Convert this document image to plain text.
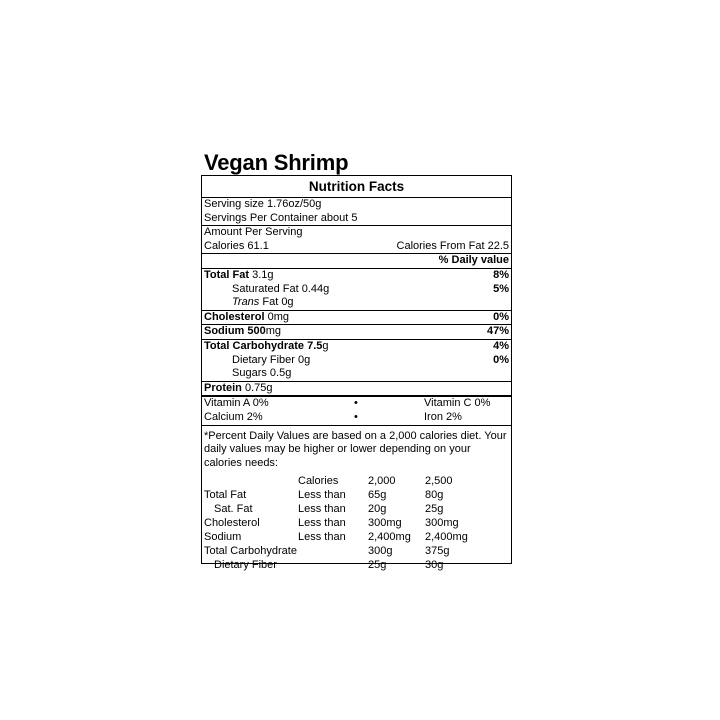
Vegan Shrimp
Nutrition Facts
Serving size 1.76oz/50g
Servings Per Container about 5
Amount Per Serving
Calories 61.1	Calories From Fat 22.5
% Daily value
Total Fat 3.1g	8%
Saturated Fat 0.44g	5%
Trans Fat 0g
Cholesterol 0mg	0%
Sodium 500mg	47%
Total Carbohydrate 7.5g	4%
Dietary Fiber 0g	0%
Sugars 0.5g
Protein 0.75g
Vitamin A 0%	•	Vitamin C 0%
Calcium 2%	•	Iron 2%
*Percent Daily Values are based on a 2,000 calories diet. Your daily values may be higher or lower depending on your calories needs:
	Calories	2,000	2,500
Total Fat	Less than	65g	80g
Sat. Fat	Less than	20g	25g
Cholesterol	Less than	300mg	300mg
Sodium	Less than	2,400mg	2,400mg
Total Carbohydrate		300g	375g
Dietary Fiber		25g	30g
